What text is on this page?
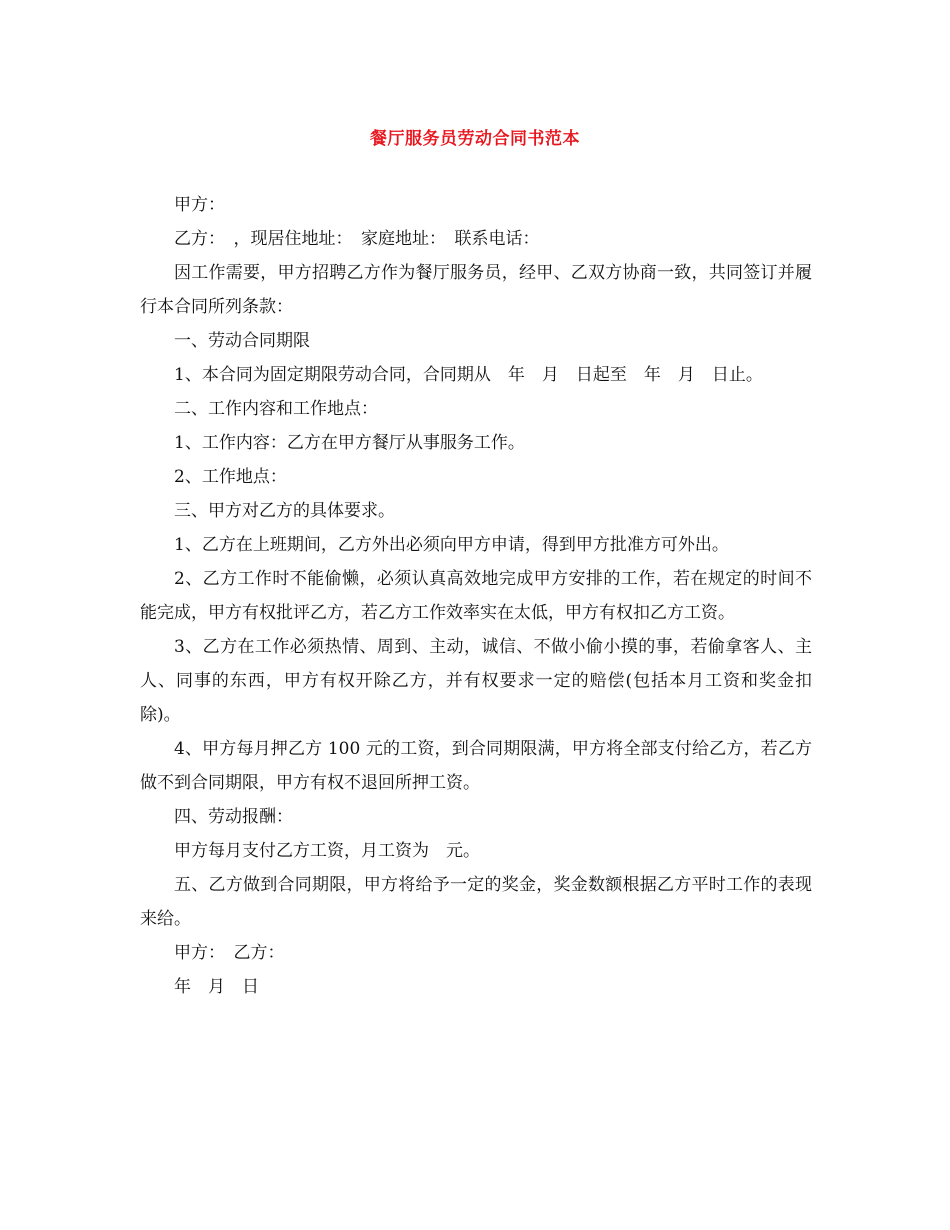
餐厅服务员劳动合同书范本

甲方：

乙方：　，现居住地址：　家庭地址：　联系电话：

因工作需要，甲方招聘乙方作为餐厅服务员，经甲、乙双方协商一致，共同签订并履行本合同所列条款：

一、劳动合同期限

1、本合同为固定期限劳动合同，合同期从　年　月　日起至　年　月　日止。

二、工作内容和工作地点：

1、工作内容：乙方在甲方餐厅从事服务工作。

2、工作地点：

三、甲方对乙方的具体要求。

1、乙方在上班期间，乙方外出必须向甲方申请，得到甲方批准方可外出。

2、乙方工作时不能偷懒，必须认真高效地完成甲方安排的工作，若在规定的时间不能完成，甲方有权批评乙方，若乙方工作效率实在太低，甲方有权扣乙方工资。

3、乙方在工作必须热情、周到、主动，诚信、不做小偷小摸的事，若偷拿客人、主人、同事的东西，甲方有权开除乙方，并有权要求一定的赔偿(包括本月工资和奖金扣除)。

4、甲方每月押乙方 100 元的工资，到合同期限满，甲方将全部支付给乙方，若乙方做不到合同期限，甲方有权不退回所押工资。

四、劳动报酬：

甲方每月支付乙方工资，月工资为　元。

五、乙方做到合同期限，甲方将给予一定的奖金，奖金数额根据乙方平时工作的表现来给。

甲方：　乙方：

年　月　日
